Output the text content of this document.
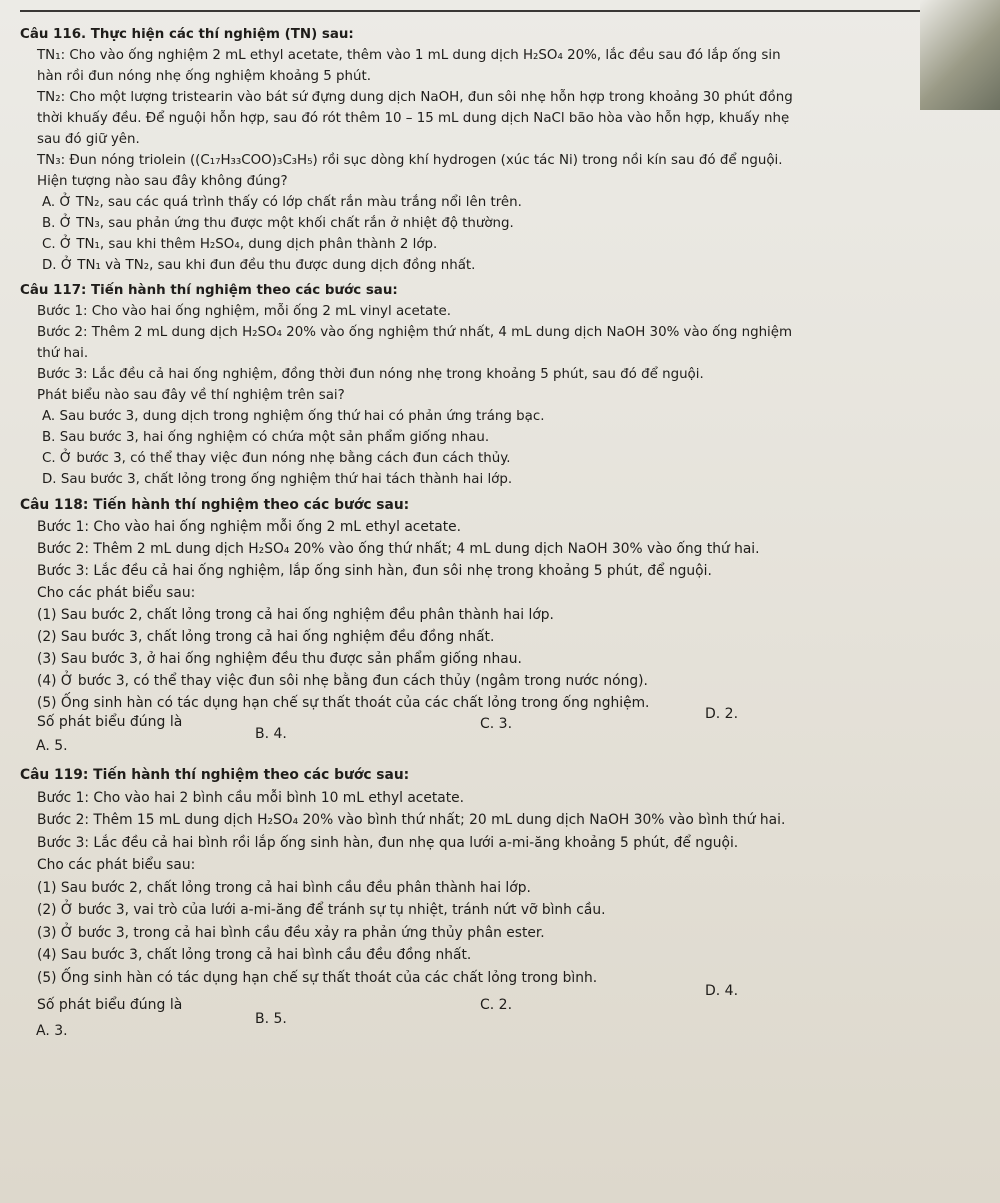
Câu 116. Thực hiện các thí nghiệm (TN) sau:
TN₁: Cho vào ống nghiệm 2 mL ethyl acetate, thêm vào 1 mL dung dịch H₂SO₄ 20%, lắc đều sau đó lắp ống sin
hàn rồi đun nóng nhẹ ống nghiệm khoảng 5 phút.
TN₂: Cho một lượng tristearin vào bát sứ đựng dung dịch NaOH, đun sôi nhẹ hỗn hợp trong khoảng 30 phút đồng
thời khuấy đều. Để nguội hỗn hợp, sau đó rót thêm 10 – 15 mL dung dịch NaCl bão hòa vào hỗn hợp, khuấy nhẹ
sau đó giữ yên.
TN₃: Đun nóng triolein ((C₁₇H₃₃COO)₃C₃H₅) rồi sục dòng khí hydrogen (xúc tác Ni) trong nồi kín sau đó để nguội.
Hiện tượng nào sau đây không đúng?
A. Ở TN₂, sau các quá trình thấy có lớp chất rắn màu trắng nổi lên trên.
B. Ở TN₃, sau phản ứng thu được một khối chất rắn ở nhiệt độ thường.
C. Ở TN₁, sau khi thêm H₂SO₄, dung dịch phân thành 2 lớp.
D. Ở TN₁ và TN₂, sau khi đun đều thu được dung dịch đồng nhất.
Câu 117: Tiến hành thí nghiệm theo các bước sau:
Bước 1: Cho vào hai ống nghiệm, mỗi ống 2 mL vinyl acetate.
Bước 2: Thêm 2 mL dung dịch H₂SO₄ 20% vào ống nghiệm thứ nhất, 4 mL dung dịch NaOH 30% vào ống nghiệm
thứ hai.
Bước 3: Lắc đều cả hai ống nghiệm, đồng thời đun nóng nhẹ trong khoảng 5 phút, sau đó để nguội.
Phát biểu nào sau đây về thí nghiệm trên sai?
A. Sau bước 3, dung dịch trong nghiệm ống thứ hai có phản ứng tráng bạc.
B. Sau bước 3, hai ống nghiệm có chứa một sản phẩm giống nhau.
C. Ở bước 3, có thể thay việc đun nóng nhẹ bằng cách đun cách thủy.
D. Sau bước 3, chất lỏng trong ống nghiệm thứ hai tách thành hai lớp.
Câu 118: Tiến hành thí nghiệm theo các bước sau:
Bước 1: Cho vào hai ống nghiệm mỗi ống 2 mL ethyl acetate.
Bước 2: Thêm 2 mL dung dịch H₂SO₄ 20% vào ống thứ nhất; 4 mL dung dịch NaOH 30% vào ống thứ hai.
Bước 3: Lắc đều cả hai ống nghiệm, lắp ống sinh hàn, đun sôi nhẹ trong khoảng 5 phút, để nguội.
Cho các phát biểu sau:
(1) Sau bước 2, chất lỏng trong cả hai ống nghiệm đều phân thành hai lớp.
(2) Sau bước 3, chất lỏng trong cả hai ống nghiệm đều đồng nhất.
(3) Sau bước 3, ở hai ống nghiệm đều thu được sản phẩm giống nhau.
(4) Ở bước 3, có thể thay việc đun sôi nhẹ bằng đun cách thủy (ngâm trong nước nóng).
(5) Ống sinh hàn có tác dụng hạn chế sự thất thoát của các chất lỏng trong ống nghiệm.
Số phát biểu đúng là
A. 5.
B. 4.
C. 3.
D. 2.
Câu 119: Tiến hành thí nghiệm theo các bước sau:
Bước 1: Cho vào hai 2 bình cầu mỗi bình 10 mL ethyl acetate.
Bước 2: Thêm 15 mL dung dịch H₂SO₄ 20% vào bình thứ nhất; 20 mL dung dịch NaOH 30% vào bình thứ hai.
Bước 3: Lắc đều cả hai bình rồi lắp ống sinh hàn, đun nhẹ qua lưới a-mi-ăng khoảng 5 phút, để nguội.
Cho các phát biểu sau:
(1) Sau bước 2, chất lỏng trong cả hai bình cầu đều phân thành hai lớp.
(2) Ở bước 3, vai trò của lưới a-mi-ăng để tránh sự tụ nhiệt, tránh nứt vỡ bình cầu.
(3) Ở bước 3, trong cả hai bình cầu đều xảy ra phản ứng thủy phân ester.
(4) Sau bước 3, chất lỏng trong cả hai bình cầu đều đồng nhất.
(5) Ống sinh hàn có tác dụng hạn chế sự thất thoát của các chất lỏng trong bình.
Số phát biểu đúng là
A. 3.
B. 5.
C. 2.
D. 4.
